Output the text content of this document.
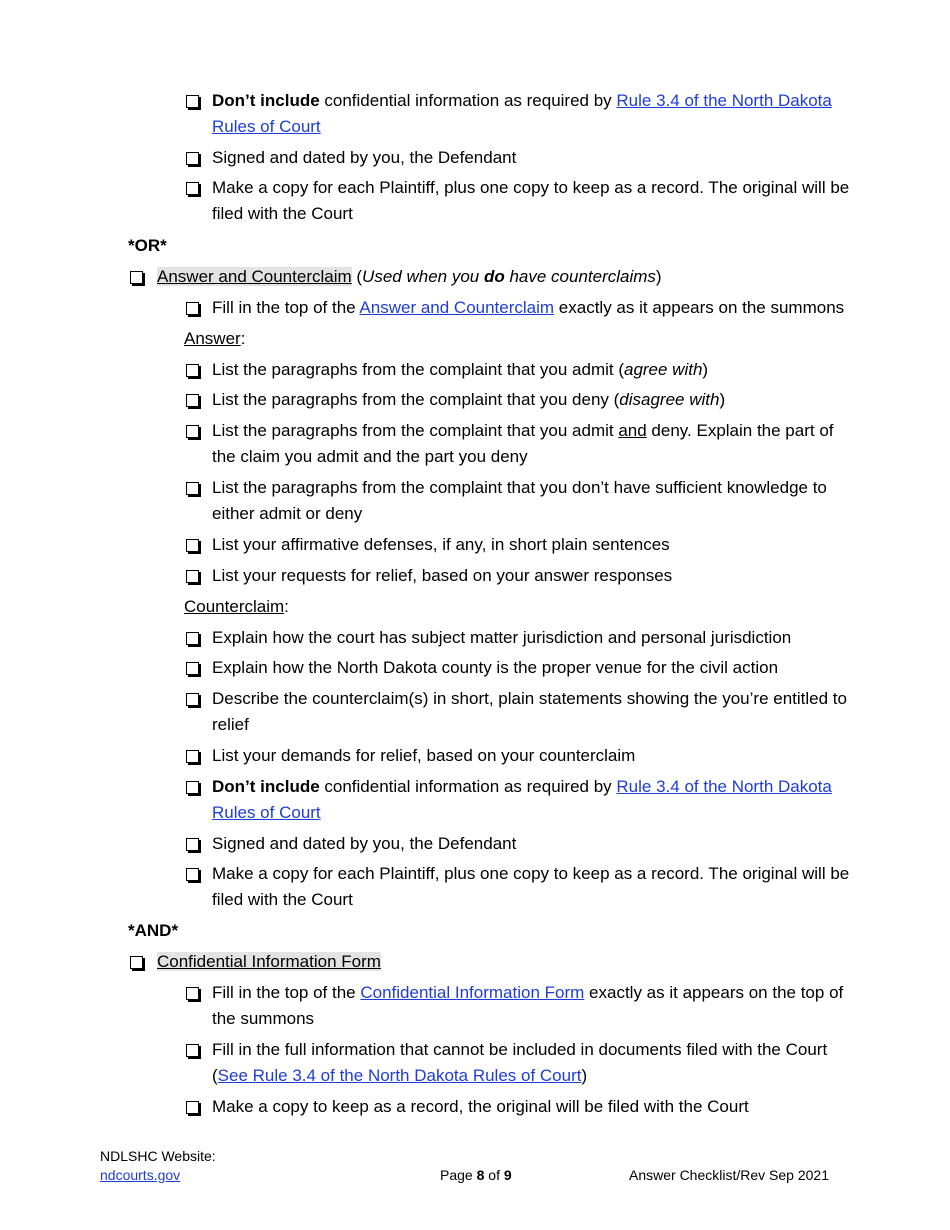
Don’t include confidential information as required by Rule 3.4 of the North Dakota Rules of Court
Signed and dated by you, the Defendant
Make a copy for each Plaintiff, plus one copy to keep as a record. The original will be filed with the Court
*OR*
Answer and Counterclaim (Used when you do have counterclaims)
Fill in the top of the Answer and Counterclaim exactly as it appears on the summons
Answer:
List the paragraphs from the complaint that you admit (agree with)
List the paragraphs from the complaint that you deny (disagree with)
List the paragraphs from the complaint that you admit and deny. Explain the part of the claim you admit and the part you deny
List the paragraphs from the complaint that you don’t have sufficient knowledge to either admit or deny
List your affirmative defenses, if any, in short plain sentences
List your requests for relief, based on your answer responses
Counterclaim:
Explain how the court has subject matter jurisdiction and personal jurisdiction
Explain how the North Dakota county is the proper venue for the civil action
Describe the counterclaim(s) in short, plain statements showing the you’re entitled to relief
List your demands for relief, based on your counterclaim
Don’t include confidential information as required by Rule 3.4 of the North Dakota Rules of Court
Signed and dated by you, the Defendant
Make a copy for each Plaintiff, plus one copy to keep as a record. The original will be filed with the Court
*AND*
Confidential Information Form
Fill in the top of the Confidential Information Form exactly as it appears on the top of the summons
Fill in the full information that cannot be included in documents filed with the Court (See Rule 3.4 of the North Dakota Rules of Court)
Make a copy to keep as a record, the original will be filed with the Court
NDLSHC Website:
ndcourts.gov	Page 8 of 9	Answer Checklist/Rev Sep 2021
